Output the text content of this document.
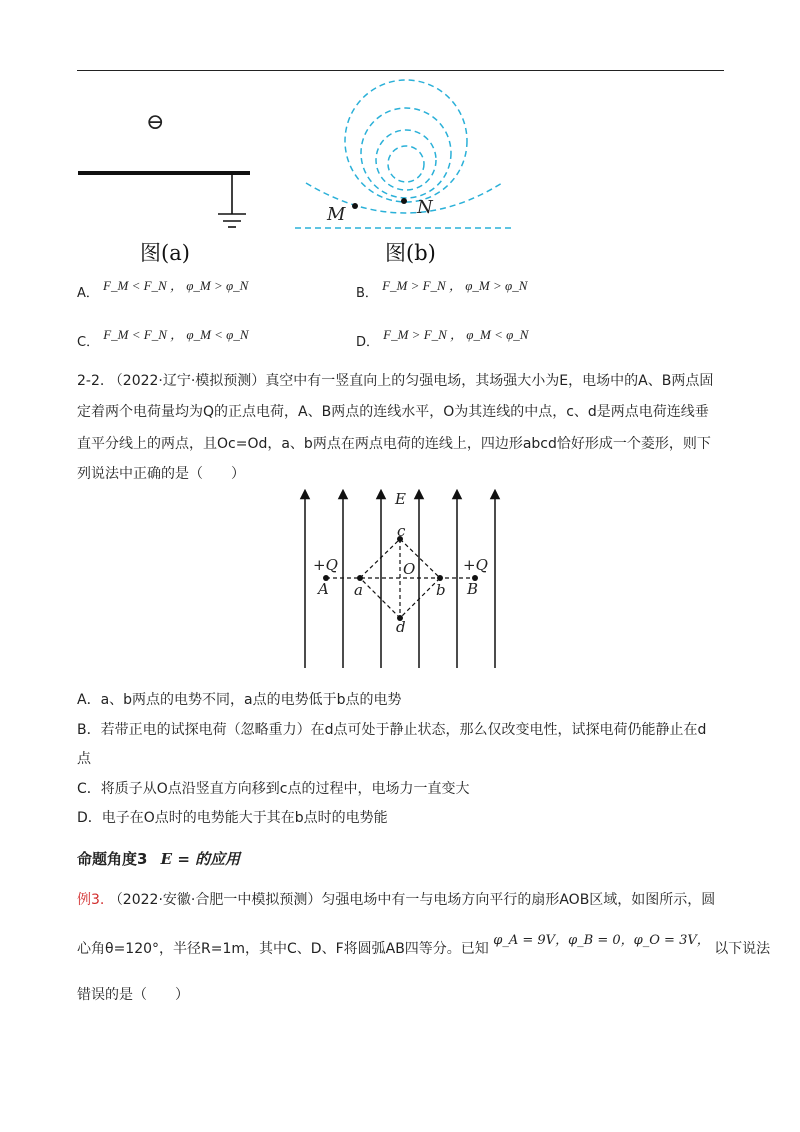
⊖
图(a)
M	N
图(b)
A． F_M < F_N ， φ_M > φ_N
B． F_M > F_N ， φ_M > φ_N
C． F_M < F_N ， φ_M < φ_N
D． F_M > F_N ， φ_M < φ_N
2-2. （2022·辽宁·模拟预测）真空中有一竖直向上的匀强电场，其场强大小为E，电场中的A、B两点固
定着两个电荷量均为Q的正点电荷，A、B两点的连线水平，O为其连线的中点，c、d是两点电荷连线垂
直平分线上的两点，且Oc=Od，a、b两点在两点电荷的连线上，四边形abcd恰好形成一个菱形，则下
列说法中正确的是（　　）
E
c
O
d
+Q
A a
+Q
B
b
A．a、b两点的电势不同，a点的电势低于b点的电势
B．若带正电的试探电荷（忽略重力）在d点可处于静止状态，那么仅改变电性，试探电荷仍能静止在d
点
C．将质子从O点沿竖直方向移到c点的过程中，电场力一直变大
D．电子在O点时的电势能大于其在b点时的电势能
命题角度3 E = 的应用
例3. （2022·安徽·合肥一中模拟预测）匀强电场中有一与电场方向平行的扇形AOB区域，如图所示，圆
心角θ=120°，半径R=1m，其中C、D、F将圆弧AB四等分。已知 φ_A = 9V，φ_B = 0，φ_O = 3V， 以下说法
错误的是（　　）
